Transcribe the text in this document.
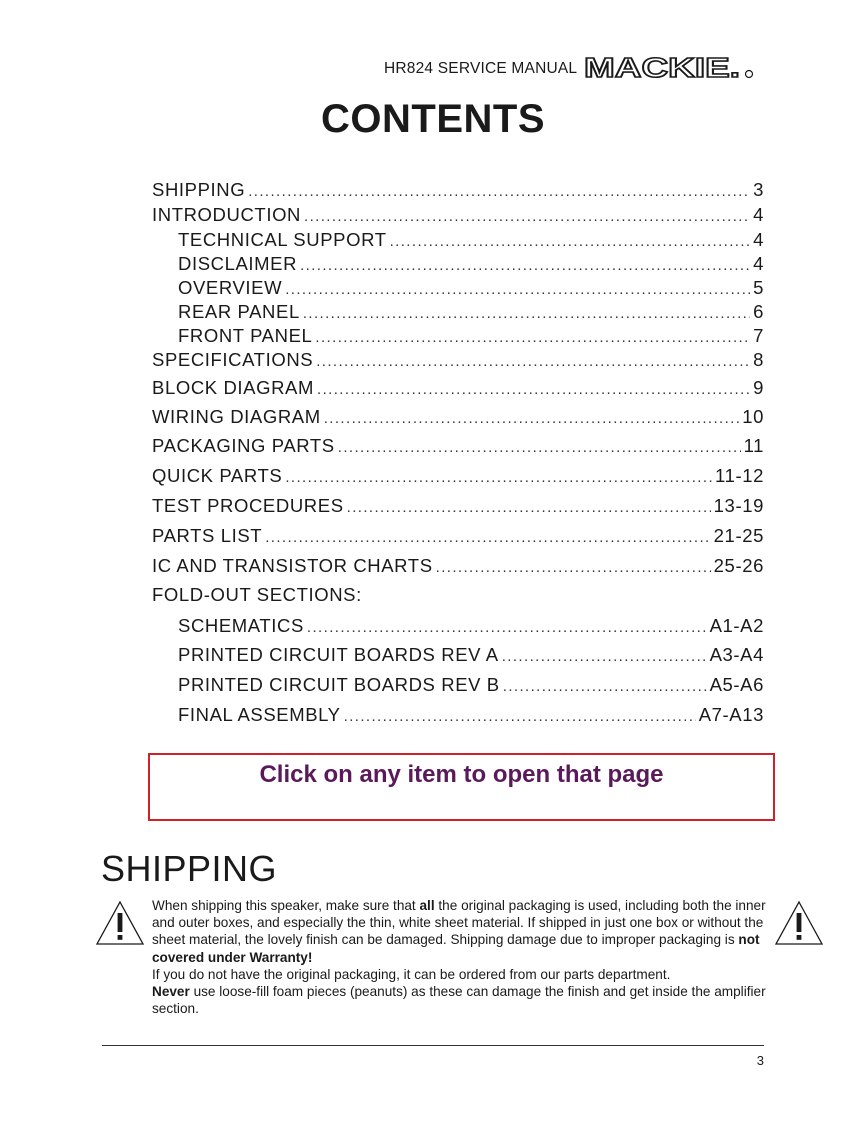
HR824 SERVICE MANUAL MACKIE.
CONTENTS
SHIPPING .....	3
INTRODUCTION .....	4
TECHNICAL SUPPORT .....	4
DISCLAIMER .....	4
OVERVIEW .....	5
REAR PANEL .....	6
FRONT PANEL .....	7
SPECIFICATIONS .....	8
BLOCK DIAGRAM .....	9
WIRING DIAGRAM .....	10
PACKAGING PARTS .....	11
QUICK PARTS .....	11-12
TEST PROCEDURES .....	13-19
PARTS LIST .....	21-25
IC AND TRANSISTOR CHARTS .....	25-26
FOLD-OUT SECTIONS:
SCHEMATICS .....	A1-A2
PRINTED CIRCUIT BOARDS REV A .....	A3-A4
PRINTED CIRCUIT BOARDS REV B .....	A5-A6
FINAL ASSEMBLY .....	A7-A13
Click on any item to open that page
SHIPPING

When shipping this speaker, make sure that all the original packaging is used, including both the inner and outer boxes, and especially the thin, white sheet material. If shipped in just one box or without the sheet material, the lovely finish can be damaged. Shipping damage due to improper packaging is not covered under Warranty!

If you do not have the original packaging, it can be ordered from our parts department.

Never use loose-fill foam pieces (peanuts) as these can damage the finish and get inside the amplifier section.

3
